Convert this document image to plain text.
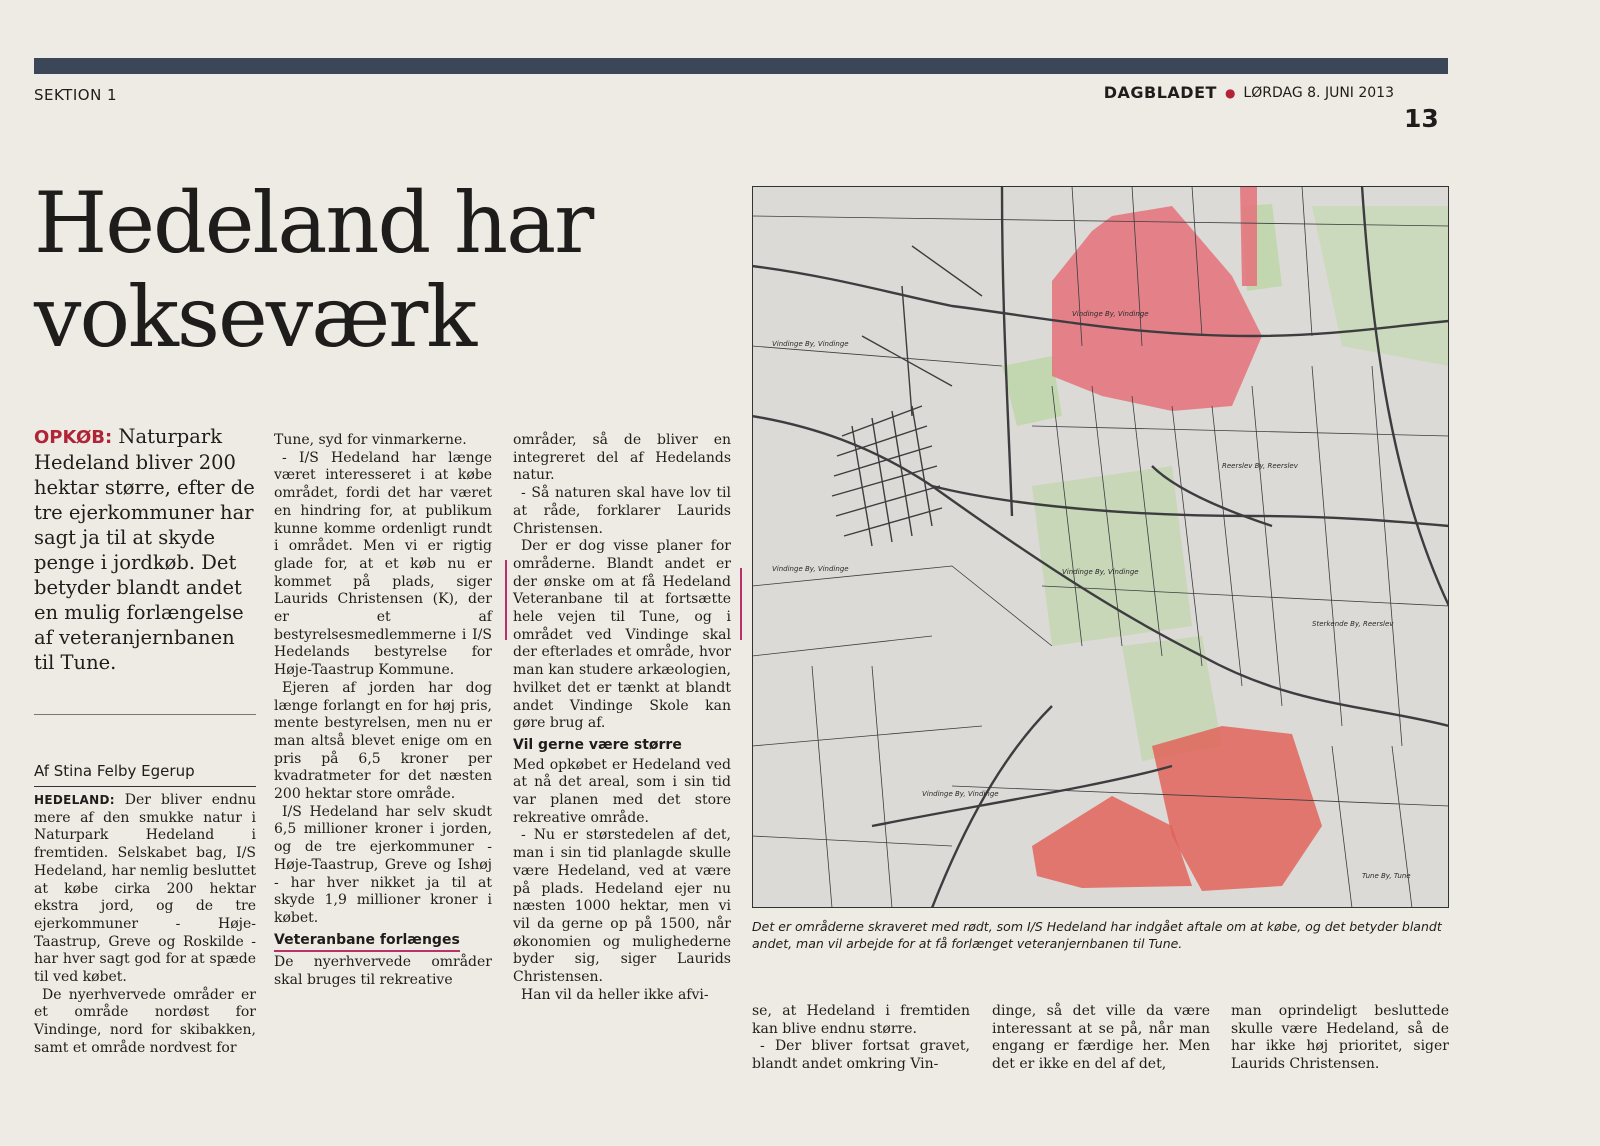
SEKTION 1	DAGBLADET ● LØRDAG 8. JUNI 2013
13
Hedeland har
vokseværk

OPKØB: Naturpark Hedeland bliver 200 hektar større, efter de tre ejerkommuner har sagt ja til at skyde penge i jordkøb. Det betyder blandt andet en mulig forlængelse af veteranjernbanen til Tune.

Af Stina Felby Egerup

HEDELAND: Der bliver endnu mere af den smukke natur i Naturpark Hedeland i fremtiden. Selskabet bag, I/S Hedeland, har nemlig besluttet at købe cirka 200 hektar ekstra jord, og de tre ejerkommuner - Høje-Taastrup, Greve og Roskilde - har hver sagt god for at spæde til ved købet.

De nyerhvervede områder er et område nordøst for Vindinge, nord for skibakken, samt et område nordvest for

Tune, syd for vinmarkerne.

- I/S Hedeland har længe været interesseret i at købe området, fordi det har været en hindring for, at publikum kunne komme ordenligt rundt i området. Men vi er rigtig glade for, at et køb nu er kommet på plads, siger Laurids Christensen (K), der er et af bestyrelsesmedlemmerne i I/S Hedelands bestyrelse for Høje-Taastrup Kommune.

Ejeren af jorden har dog længe forlangt en for høj pris, mente bestyrelsen, men nu er man altså blevet enige om en pris på 6,5 kroner per kvadratmeter for det næsten 200 hektar store område.

I/S Hedeland har selv skudt 6,5 millioner kroner i jorden, og de tre ejerkommuner - Høje-Taastrup, Greve og Ishøj - har hver nikket ja til at skyde 1,9 millioner kroner i købet.

Veteranbane forlænges

De nyerhvervede områder skal bruges til rekreative

områder, så de bliver en integreret del af Hedelands natur.

- Så naturen skal have lov til at råde, forklarer Laurids Christensen.

Der er dog visse planer for områderne. Blandt andet er der ønske om at få Hedeland Veteranbane til at fortsætte hele vejen til Tune, og i området ved Vindinge skal der efterlades et område, hvor man kan studere arkæologien, hvilket det er tænkt at blandt andet Vindinge Skole kan gøre brug af.

Vil gerne være større

Med opkøbet er Hedeland ved at nå det areal, som i sin tid var planen med det store rekreative område.

- Nu er størstedelen af det, man i sin tid planlagde skulle være Hedeland, ved at være på plads. Hedeland ejer nu næsten 1000 hektar, men vi vil da gerne op på 1500, når økonomien og mulighederne byder sig, siger Laurids Christensen.

Han vil da heller ikke afvi-

se, at Hedeland i fremtiden kan blive endnu større.

- Der bliver fortsat gravet, blandt andet omkring Vin-

dinge, så det ville da være interessant at se på, når man engang er færdige her. Men det er ikke en del af det,

man oprindeligt besluttede skulle være Hedeland, så de har ikke høj prioritet, siger Laurids Christensen.

Vindinge By, Vindinge
Vindinge By, Vindinge
Vindinge By, Vindinge	Vindinge By, Vindinge
Vindinge By, Vindinge
Reerslev By, Reerslev
Sterkende By, Reerslev
Tune By, Tune
Det er områderne skraveret med rødt, som I/S Hedeland har indgået aftale om at købe, og det betyder blandt andet, man vil arbejde for at få forlænget veteranjernbanen til Tune.
